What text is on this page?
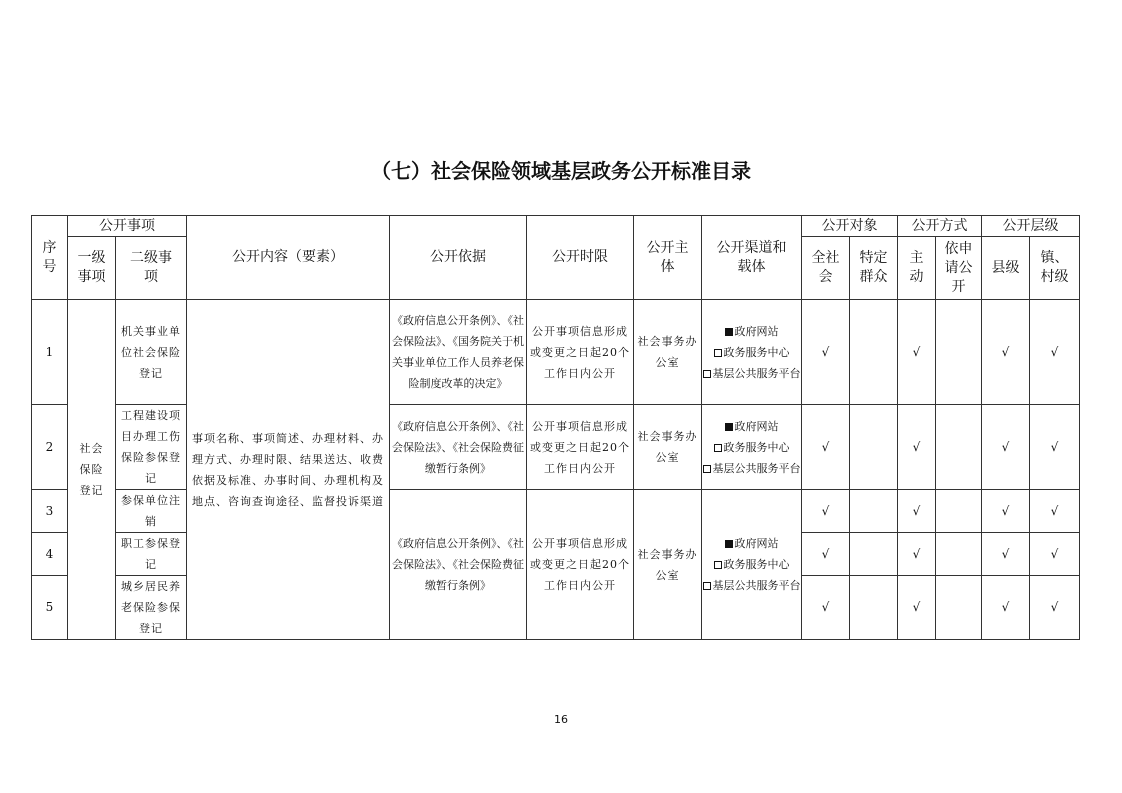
（七）社会保险领域基层政务公开标准目录
序号	公开事项		公开内容（要素）	公开依据	公开时限	公开主体	公开渠道和载体	公开对象		公开方式		公开层级	
	一级事项	二级事项						全社会	特定群众	主动	依申请公开	县级	镇、村级
1	社会保险登记	机关事业单位社会保险登记	事项名称、事项简述、办理材料、办理方式、办理时限、结果送达、收费依据及标准、办事时间、办理机构及地点、咨询查询途径、监督投诉渠道	《政府信息公开条例》、《社会保险法》、《国务院关于机关事业单位工作人员养老保险制度改革的决定》	公开事项信息形成或变更之日起20个工作日内公开	社会事务办公室	政府网站
政务服务中心
基层公共服务平台	√		√		√	√
2		工程建设项目办理工伤保险参保登记		《政府信息公开条例》、《社会保险法》、《社会保险费征缴暂行条例》	公开事项信息形成或变更之日起20个工作日内公开	社会事务办公室	政府网站
政务服务中心
基层公共服务平台	√		√		√	√
3		参保单位注销		《政府信息公开条例》、《社会保险法》、《社会保险费征缴暂行条例》	公开事项信息形成或变更之日起20个工作日内公开	社会事务办公室	政府网站
政务服务中心
基层公共服务平台	√		√		√	√
4		职工参保登记						√		√		√	√
5		城乡居民养老保险参保登记						√		√		√	√
16
